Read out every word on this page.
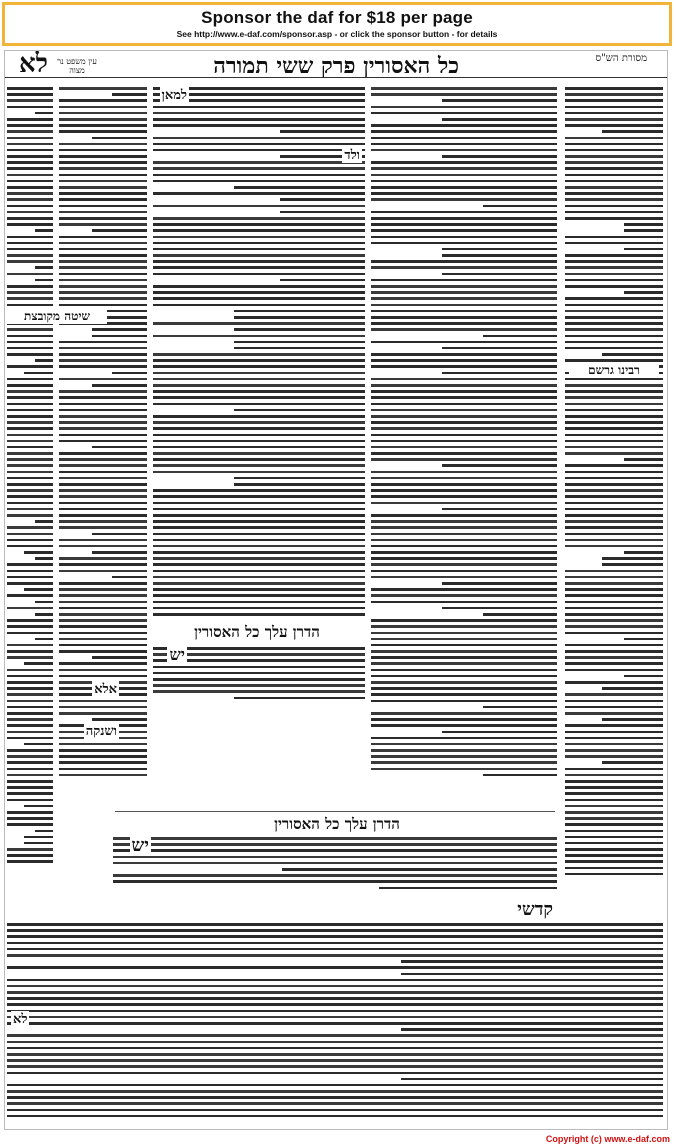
Sponsor the daf for $18 per page
See http://www.e-daf.com/sponsor.asp - or click the sponsor button - for details
מסורת הש"ס
כל האסורין פרק ששי תמורה
לא עין משפט נר מצוה
רבינו גרשם
למאן
ולד
הדרן עלך כל האסורין
יש
אלא
ושנקה
שיטה מקובצת
הדרן עלך כל האסורין
יש
קדשי
לא
Copyright (c) www.e-daf.com
